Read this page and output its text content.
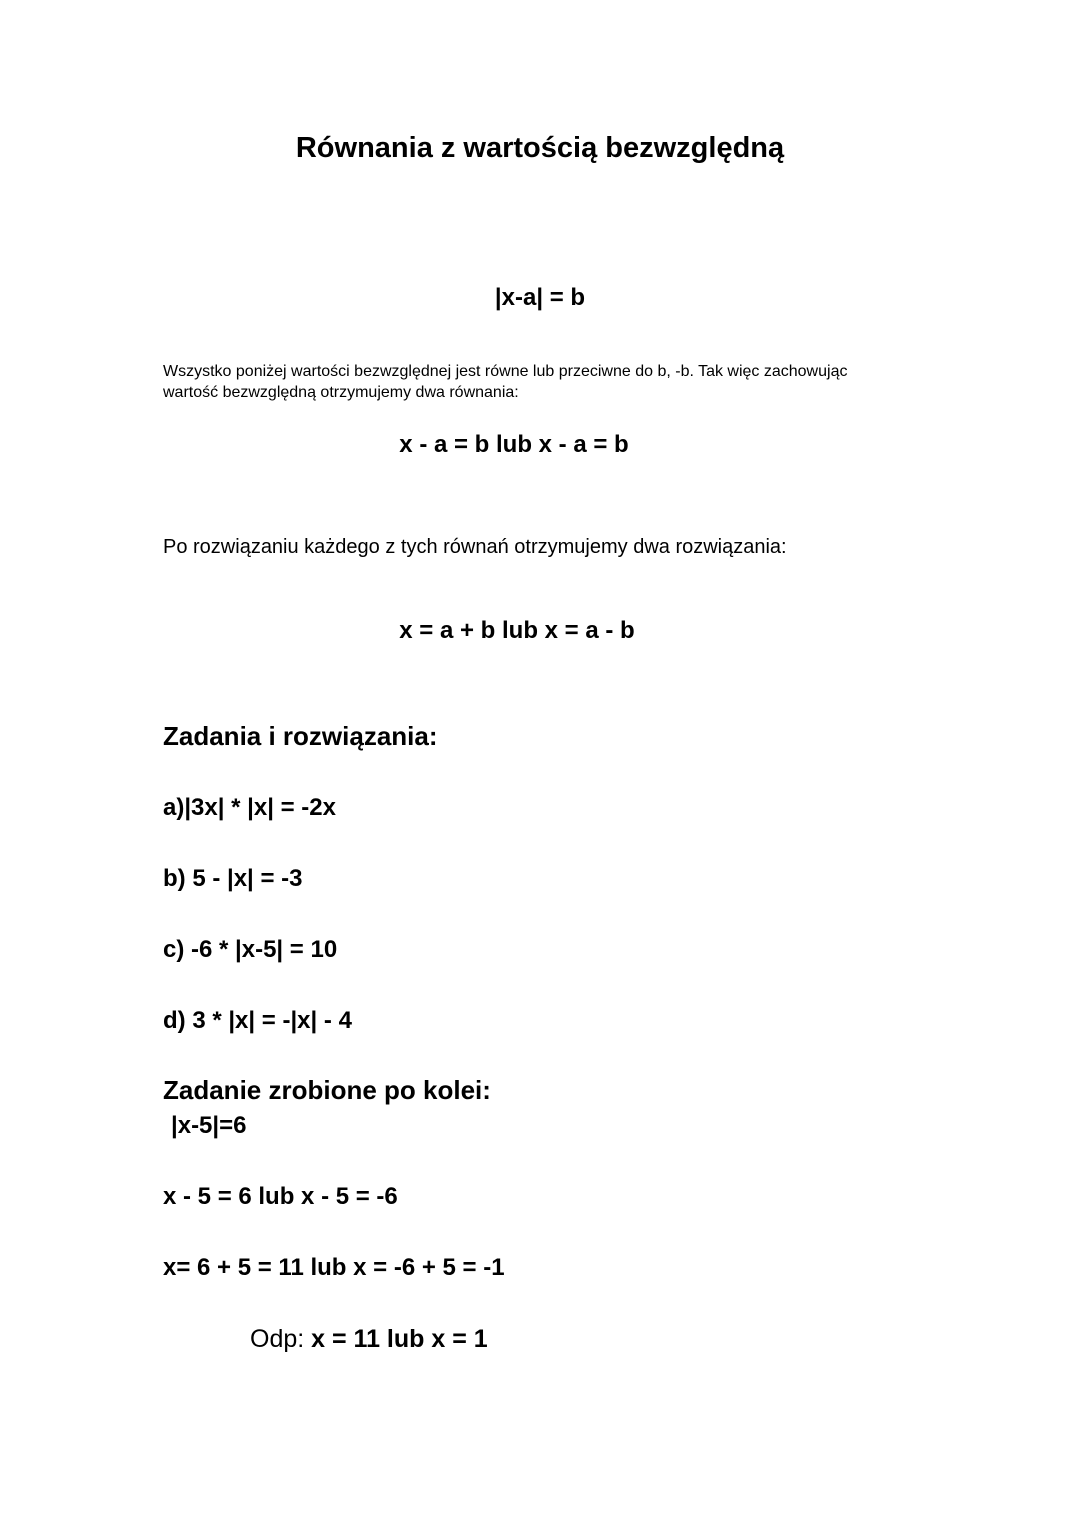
Równania z wartością bezwzględną
|x-a| = b
Wszystko poniżej wartości bezwzględnej jest równe lub przeciwne do b, -b. Tak więc zachowując wartość bezwzględną otrzymujemy dwa równania:
x - a = b lub x - a = b
Po rozwiązaniu każdego z tych równań otrzymujemy dwa rozwiązania:
x = a + b lub x = a - b
Zadania i rozwiązania:
a)|3x| * |x| = -2x
b) 5 - |x| = -3
c) -6 * |x-5| = 10
d) 3 * |x| = -|x| - 4
Zadanie zrobione po kolei:
|x-5|=6
x - 5 = 6 lub x - 5 = -6
x= 6 + 5 = 11 lub x = -6 + 5 = -1
Odp: x = 11 lub x = 1
